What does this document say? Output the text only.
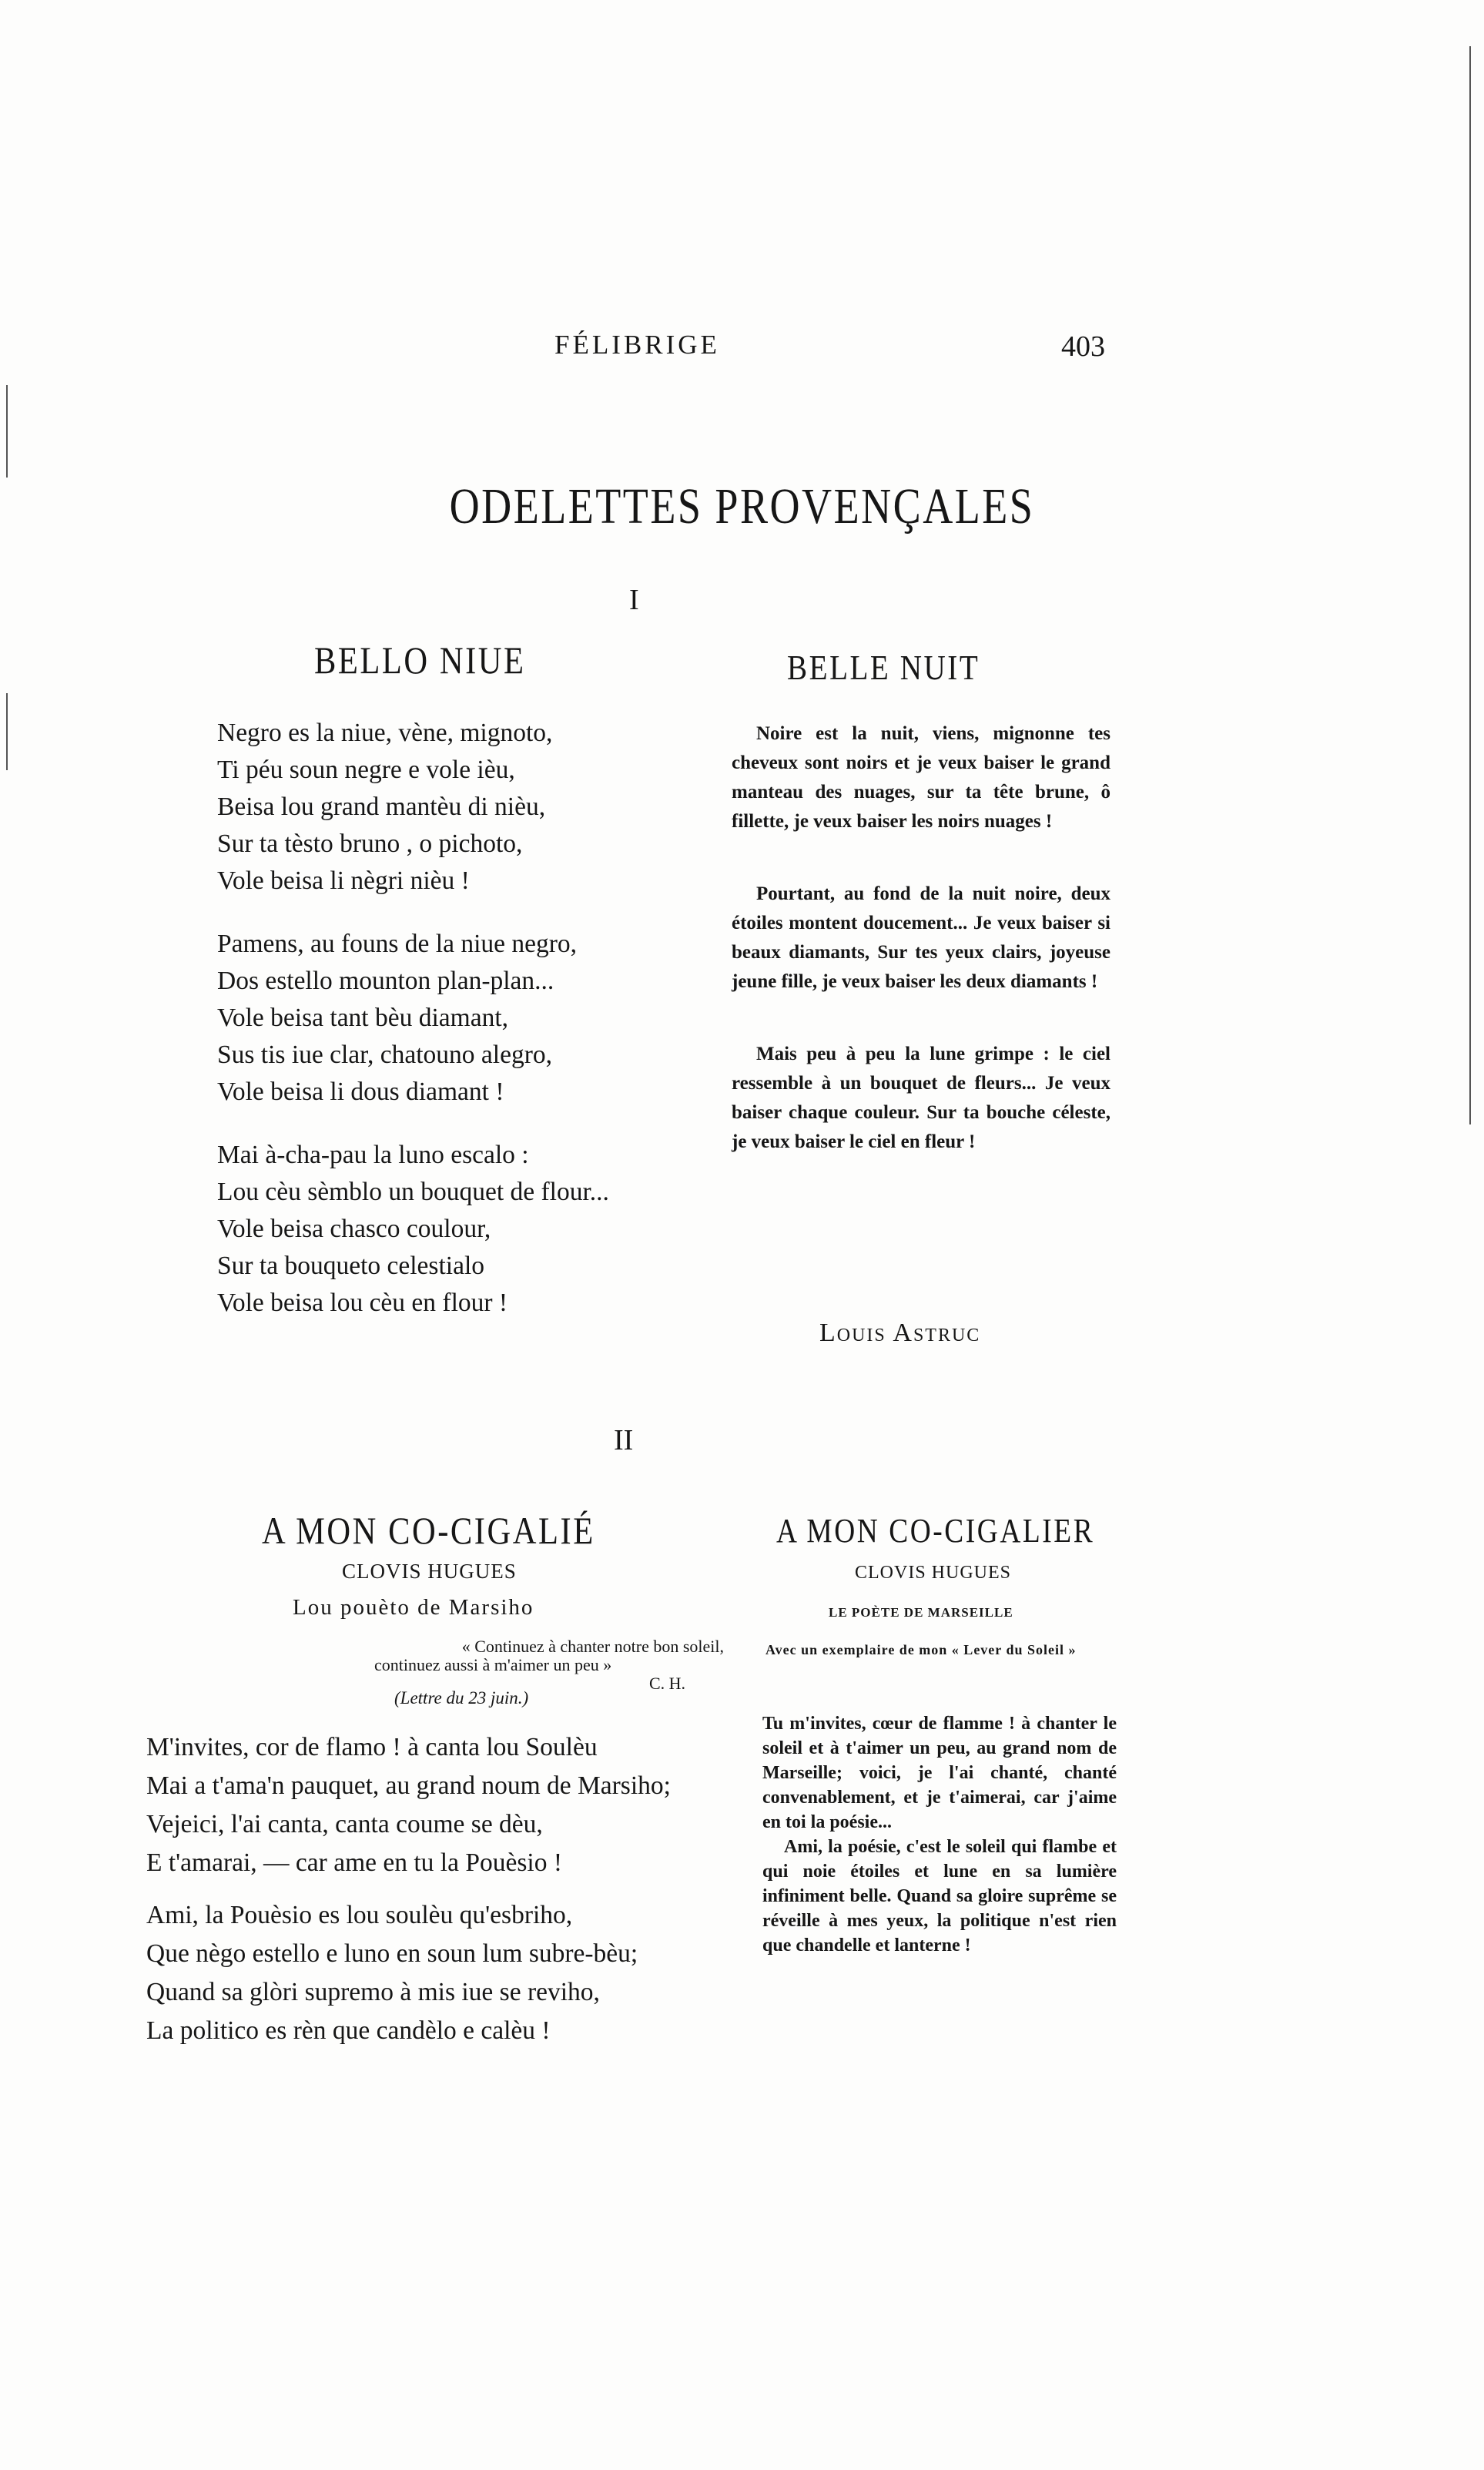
FÉLIBRIGE	403
ODELETTES PROVENÇALES
I
BELLO NIUE	BELLE NUIT

Negro es la niue, vène, mignoto,

Ti péu soun negre e vole ièu,

Beisa lou grand mantèu di nièu,

Sur ta tèsto bruno , o pichoto,

Vole beisa li nègri nièu !

Pamens, au founs de la niue negro,

Dos estello mounton plan-plan...

Vole beisa tant bèu diamant,

Sus tis iue clar, chatouno alegro,

Vole beisa li dous diamant !

Mai à-cha-pau la luno escalo :

Lou cèu sèmblo un bouquet de flour...

Vole beisa chasco coulour,

Sur ta bouqueto celestialo

Vole beisa lou cèu en flour !

Noire est la nuit, viens, mignonne tes cheveux sont noirs et je veux baiser le grand manteau des nuages, sur ta tête brune, ô fillette, je veux baiser les noirs nuages !

Pourtant, au fond de la nuit noire, deux étoiles montent doucement... Je veux baiser si beaux diamants, Sur tes yeux clairs, joyeuse jeune fille, je veux baiser les deux diamants !

Mais peu à peu la lune grimpe : le ciel ressemble à un bouquet de fleurs... Je veux baiser chaque couleur. Sur ta bouche céleste, je veux baiser le ciel en fleur !

Louis Astruc
II
A MON CO-CIGALIÉ	A MON CO-CIGALIER
CLOVIS HUGUES	CLOVIS HUGUES
Lou pouèto de Marsiho	LE POÈTE DE MARSEILLE
Avec un exemplaire de mon « Lever du Soleil »
« Continuez à chanter notre bon soleil,
continuez aussi à m'aimer un peu »
C. H.
(Lettre du 23 juin.)

M'invites, cor de flamo ! à canta lou Soulèu

Mai a t'ama'n pauquet, au grand noum de Marsiho;

Vejeici, l'ai canta, canta coume se dèu,

E t'amarai, — car ame en tu la Pouèsio !

Ami, la Pouèsio es lou soulèu qu'esbriho,

Que nègo estello e luno en soun lum subre-bèu;

Quand sa glòri supremo à mis iue se reviho,

La politico es rèn que candèlo e calèu !

Tu m'invites, cœur de flamme ! à chanter le soleil et à t'aimer un peu, au grand nom de Marseille; voici, je l'ai chanté, chanté convenablement, et je t'aimerai, car j'aime en toi la poésie...

Ami, la poésie, c'est le soleil qui flambe et qui noie étoiles et lune en sa lumière infiniment belle. Quand sa gloire suprême se réveille à mes yeux, la politique n'est rien que chandelle et lanterne !
